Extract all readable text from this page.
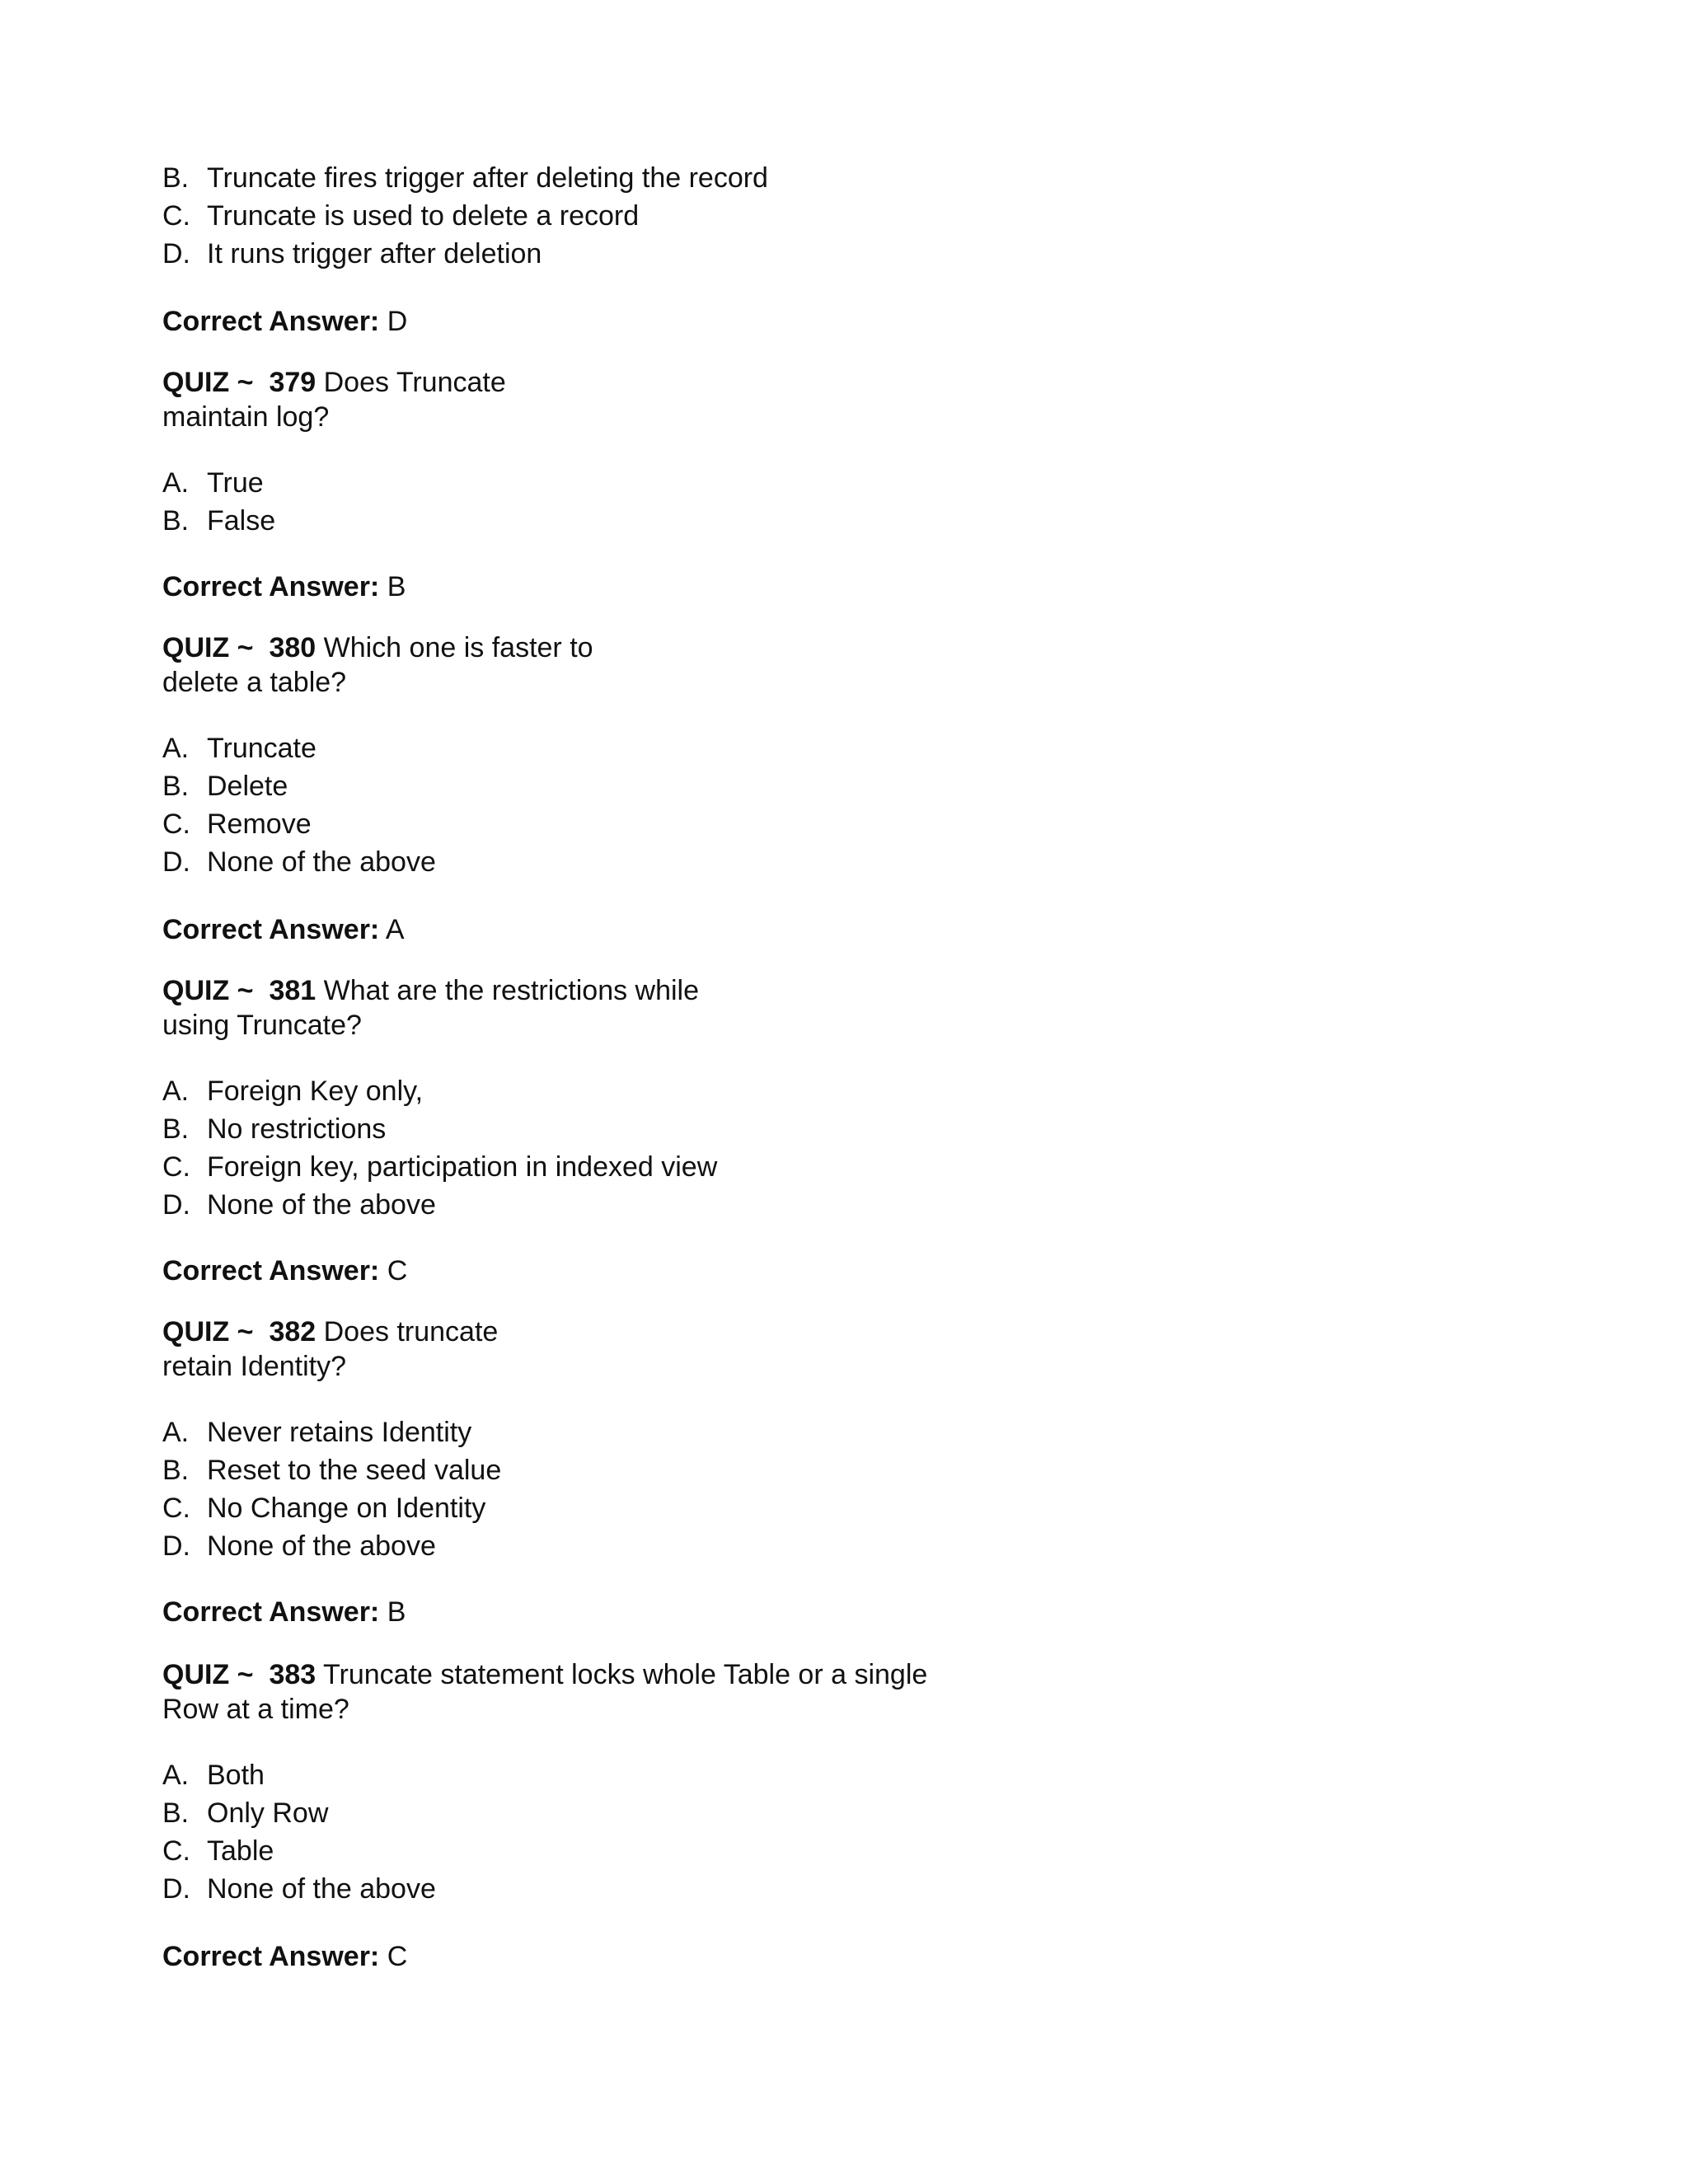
B. Truncate fires trigger after deleting the record
C. Truncate is used to delete a record
D. It runs trigger after deletion
Correct Answer: D
QUIZ ~ 379 Does Truncate
maintain log?
A. True
B. False
Correct Answer: B
QUIZ ~ 380 Which one is faster to
delete a table?
A. Truncate
B. Delete
C. Remove
D. None of the above
Correct Answer: A
QUIZ ~ 381 What are the restrictions while
using Truncate?
A. Foreign Key only,
B. No restrictions
C. Foreign key, participation in indexed view
D. None of the above
Correct Answer: C
QUIZ ~ 382 Does truncate
retain Identity?
A. Never retains Identity
B. Reset to the seed value
C. No Change on Identity
D. None of the above
Correct Answer: B
QUIZ ~ 383 Truncate statement locks whole Table or a single
Row at a time?
A. Both
B. Only Row
C. Table
D. None of the above
Correct Answer: C
